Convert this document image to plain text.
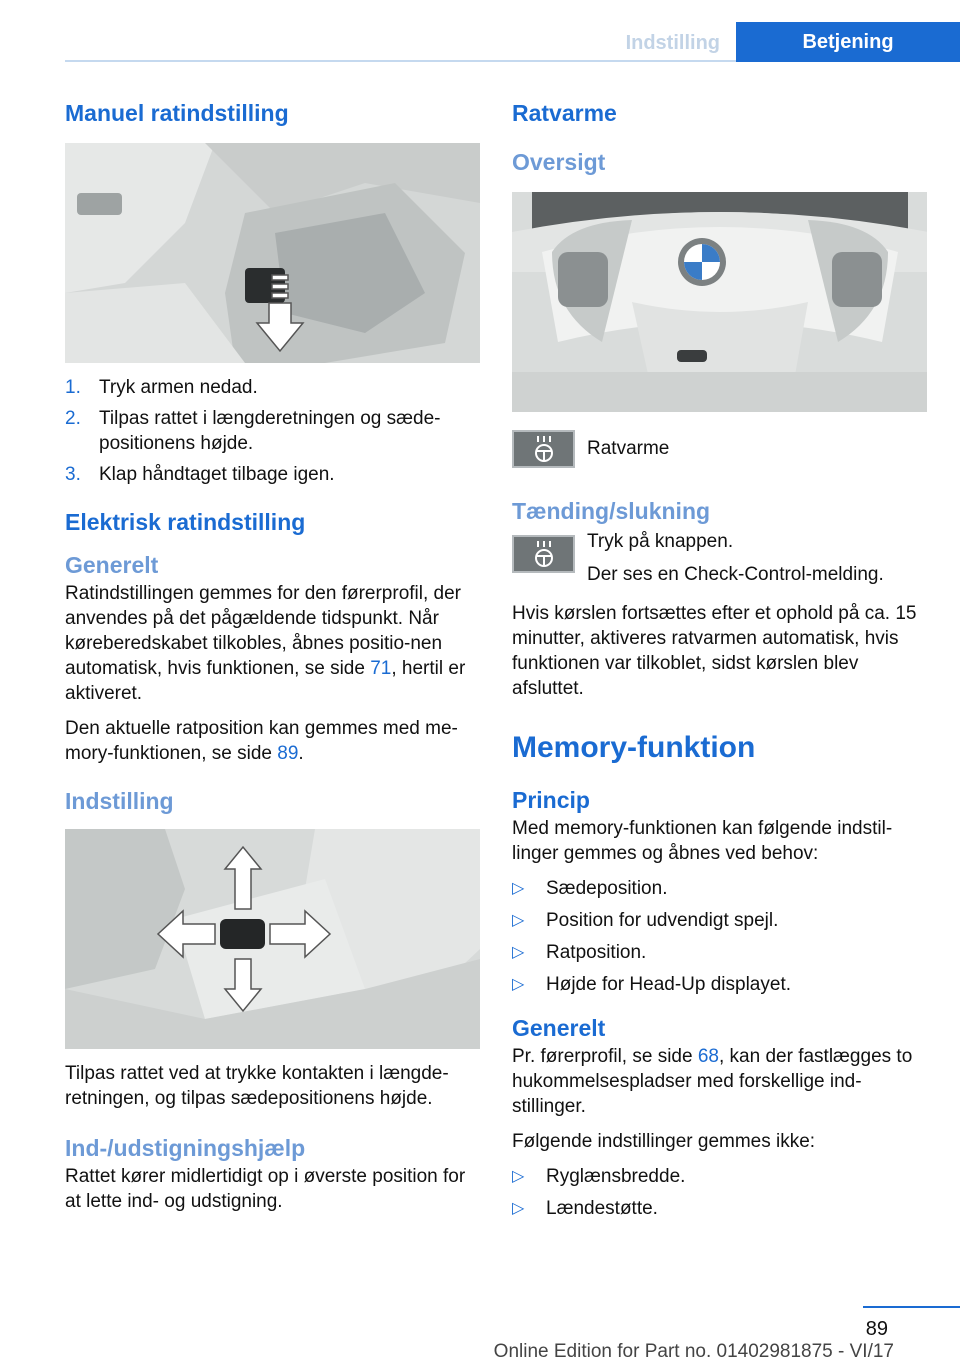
Indstilling	Betjening
Manuel ratindstilling
1. Tryk armen nedad.
2. Tilpas rattet i længderetningen og sæde-positionens højde.
3. Klap håndtaget tilbage igen.
Elektrisk ratindstilling
Generelt

Ratindstillingen gemmes for den førerprofil, der anvendes på det pågældende tidspunkt. Når køreberedskabet tilkobles, åbnes positio-nen automatisk, hvis funktionen, se side 71, hertil er aktiveret.

Den aktuelle ratposition kan gemmes med me-mory-funktionen, se side 89.

Indstilling

Tilpas rattet ved at trykke kontakten i længde-retningen, og tilpas sædepositionens højde.

Ind-/udstigningshjælp

Rattet kører midlertidigt op i øverste position for at lette ind- og udstigning.

Ratvarme
Oversigt

Ratvarme

Tænding/slukning

Tryk på knappen.

Der ses en Check-Control-melding.

Hvis kørslen fortsættes efter et ophold på ca. 15 minutter, aktiveres ratvarmen automatisk, hvis funktionen var tilkoblet, sidst kørslen blev afsluttet.

Memory-funktion
Princip

Med memory-funktionen kan følgende indstil-linger gemmes og åbnes ved behov:

▷ Sædeposition.
▷ Position for udvendigt spejl.
▷ Ratposition.
▷ Højde for Head-Up displayet.
Generelt

Pr. førerprofil, se side 68, kan der fastlægges to hukommelsespladser med forskellige ind-stillinger.

Følgende indstillinger gemmes ikke:

▷ Ryglænsbredde.
▷ Lændestøtte.
89
Online Edition for Part no. 01402981875 - VI/17
